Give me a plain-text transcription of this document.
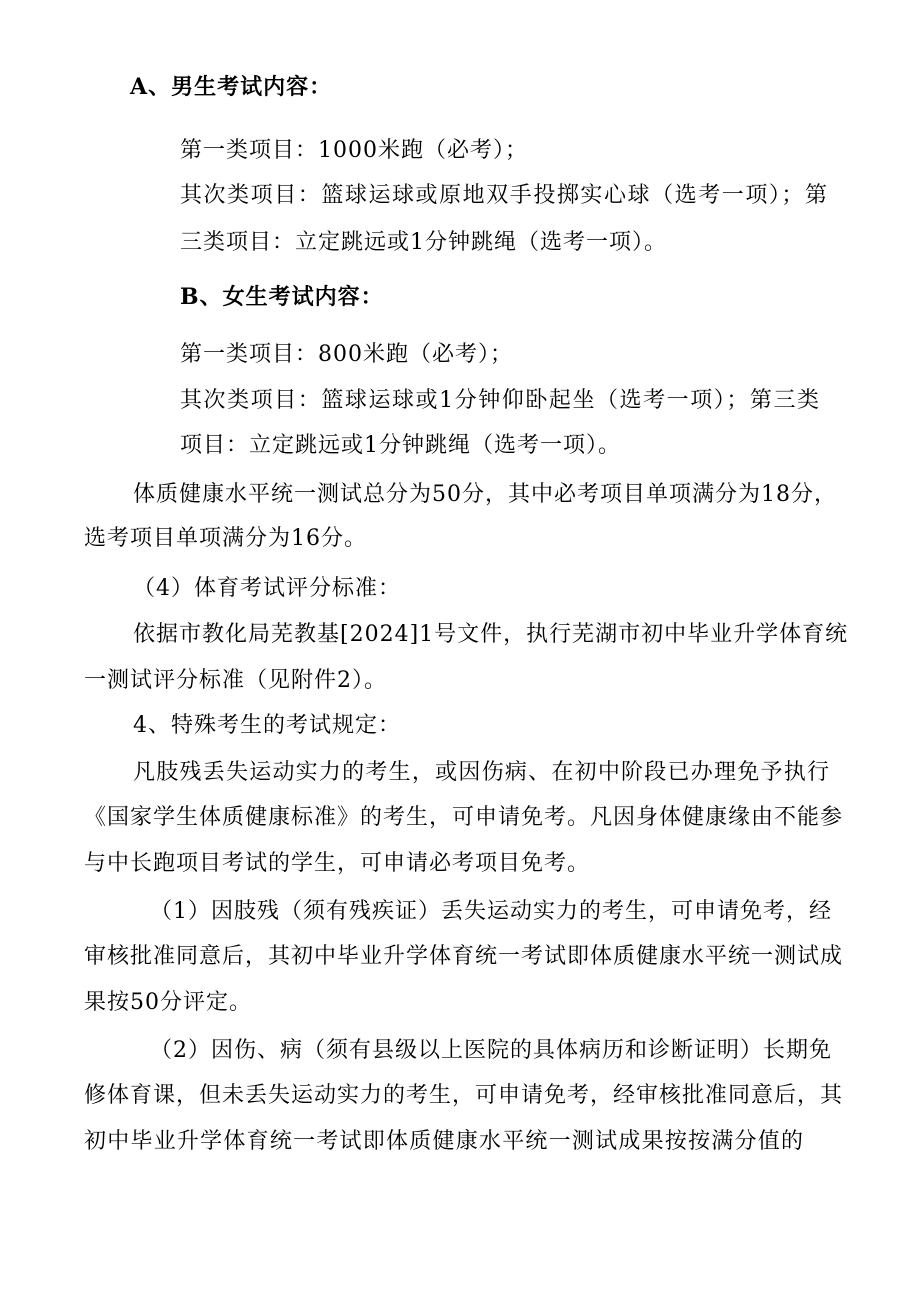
A、男生考试内容：
第一类项目：1000米跑（必考）；
其次类项目：篮球运球或原地双手投掷实心球（选考一项）；第
三类项目：立定跳远或1分钟跳绳（选考一项）。
B、女生考试内容：
第一类项目：800米跑（必考）；
其次类项目：篮球运球或1分钟仰卧起坐（选考一项）；第三类
项目：立定跳远或1分钟跳绳（选考一项）。
体质健康水平统一测试总分为50分，其中必考项目单项满分为18分，
选考项目单项满分为16分。
（4）体育考试评分标准：
依据市教化局芜教基[2024]1号文件，执行芜湖市初中毕业升学体育统
一测试评分标准（见附件2）。
4、特殊考生的考试规定：
凡肢残丢失运动实力的考生，或因伤病、在初中阶段已办理免予执行
《国家学生体质健康标准》的考生，可申请免考。凡因身体健康缘由不能参
与中长跑项目考试的学生，可申请必考项目免考。
（1）因肢残（须有残疾证）丢失运动实力的考生，可申请免考，经
审核批准同意后，其初中毕业升学体育统一考试即体质健康水平统一测试成
果按50分评定。
（2）因伤、病（须有县级以上医院的具体病历和诊断证明）长期免
修体育课，但未丢失运动实力的考生，可申请免考，经审核批准同意后，其
初中毕业升学体育统一考试即体质健康水平统一测试成果按按满分值的
